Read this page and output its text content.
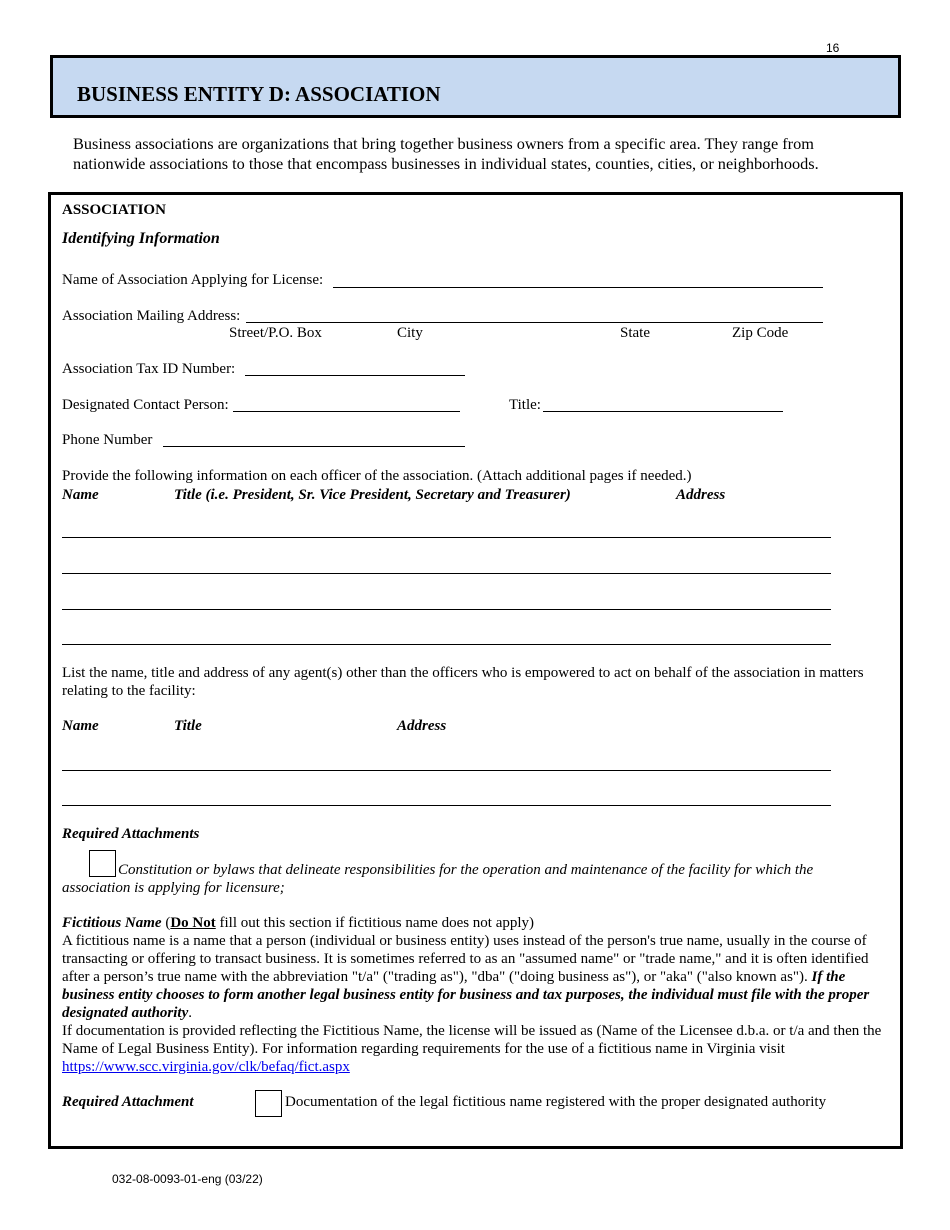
16
BUSINESS ENTITY D: ASSOCIATION
Business associations are organizations that bring together business owners from a specific area. They range from nationwide associations to those that encompass businesses in individual states, counties, cities, or neighborhoods.
ASSOCIATION
Identifying Information
Name of Association Applying for License:
Association Mailing Address:
Street/P.O. Box	City	State	Zip Code
Association Tax ID Number:
Designated Contact Person:	Title:
Phone Number
Provide the following information on each officer of the association. (Attach additional pages if needed.)
Name	Title (i.e. President, Sr. Vice President, Secretary and Treasurer)	Address
List the name, title and address of any agent(s) other than the officers who is empowered to act on behalf of the association in matters relating to the facility:
Name	Title	Address
Required Attachments
Constitution or bylaws that delineate responsibilities for the operation and maintenance of the facility for which the association is applying for licensure;
Fictitious Name (Do Not fill out this section if fictitious name does not apply)
A fictitious name is a name that a person (individual or business entity) uses instead of the person's true name, usually in the course of transacting or offering to transact business. It is sometimes referred to as an "assumed name" or "trade name," and it is often identified after a person’s true name with the abbreviation "t/a" ("trading as"), "dba" ("doing business as"), or "aka" ("also known as"). If the business entity chooses to form another legal business entity for business and tax purposes, the individual must file with the proper designated authority.
If documentation is provided reflecting the Fictitious Name, the license will be issued as (Name of the Licensee d.b.a. or t/a and then the Name of Legal Business Entity). For information regarding requirements for the use of a fictitious name in Virginia visit https://www.scc.virginia.gov/clk/befaq/fict.aspx
Required Attachment	Documentation of the legal fictitious name registered with the proper designated authority
032-08-0093-01-eng (03/22)
